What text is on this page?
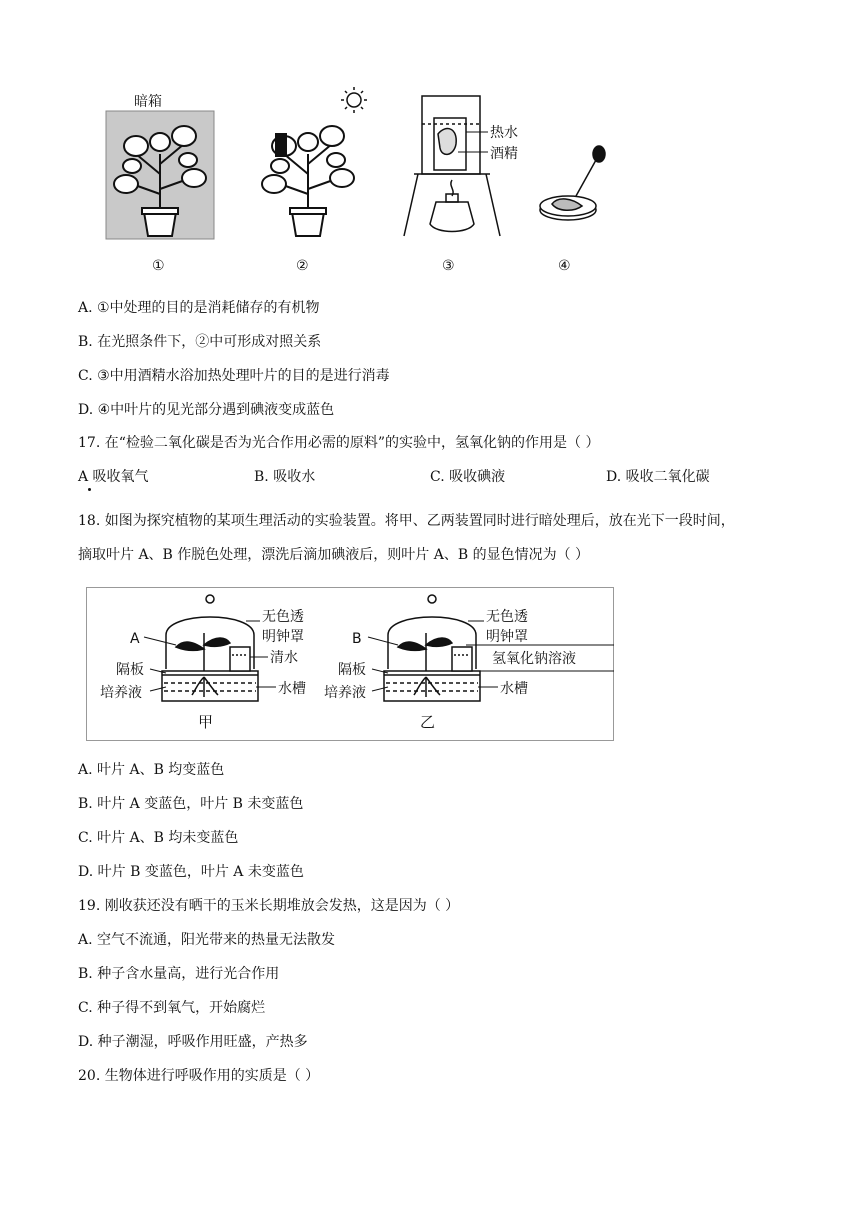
暗箱
①	②
热水
酒精
③	④
A. ①中处理的目的是消耗储存的有机物
B. 在光照条件下，②中可形成对照关系
C. ③中用酒精水浴加热处理叶片的目的是进行消毒
D. ④中叶片的见光部分遇到碘液变成蓝色
17. 在“检验二氧化碳是否为光合作用必需的原料”的实验中，氢氧化钠的作用是（ ）
A 吸收氧气	B. 吸收水	C. 吸收碘液	D. 吸收二氧化碳
18. 如图为探究植物的某项生理活动的实验装置。将甲、乙两装置同时进行暗处理后，放在光下一段时间，
摘取叶片 A、B 作脱色处理，漂洗后滴加碘液后，则叶片 A、B 的显色情况为（ ）
A
无色透
明钟罩
清水
隔板
培养液	水槽
甲
B
无色透
明钟罩
氢氧化钠溶液
隔板
培养液	水槽
乙
A. 叶片 A、B 均变蓝色
B. 叶片 A 变蓝色，叶片 B 未变蓝色
C. 叶片 A、B 均未变蓝色
D. 叶片 B 变蓝色，叶片 A 未变蓝色
19. 刚收获还没有晒干的玉米长期堆放会发热，这是因为（ ）
A. 空气不流通，阳光带来的热量无法散发
B. 种子含水量高，进行光合作用
C. 种子得不到氧气，开始腐烂
D. 种子潮湿，呼吸作用旺盛，产热多
20. 生物体进行呼吸作用的实质是（ ）
